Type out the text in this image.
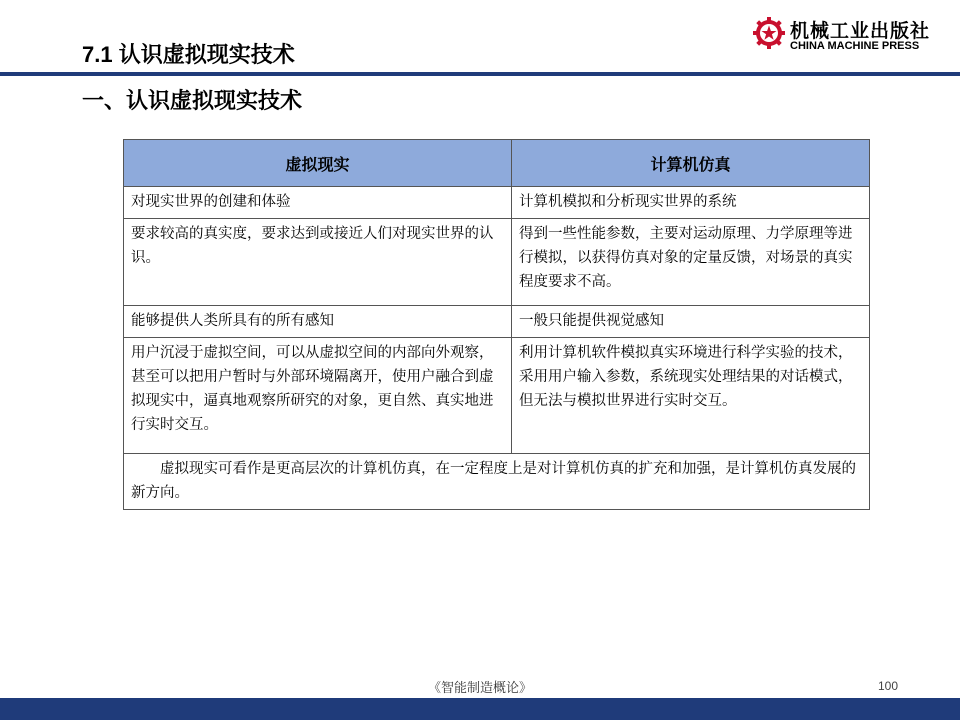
7.1 认识虚拟现实技术
一、认识虚拟现实技术
机械工业出版社
CHINA MACHINE PRESS
虚拟现实	计算机仿真
对现实世界的创建和体验	计算机模拟和分析现实世界的系统
要求较高的真实度，要求达到或接近人们对现实世界的认识。	得到一些性能参数，主要对运动原理、力学原理等进行模拟，以获得仿真对象的定量反馈，对场景的真实程度要求不高。
能够提供人类所具有的所有感知	一般只能提供视觉感知
用户沉浸于虚拟空间，可以从虚拟空间的内部向外观察，甚至可以把用户暂时与外部环境隔离开，使用户融合到虚拟现实中，逼真地观察所研究的对象，更自然、真实地进行实时交互。	利用计算机软件模拟真实环境进行科学实验的技术，采用用户输入参数，系统现实处理结果的对话模式，但无法与模拟世界进行实时交互。
虚拟现实可看作是更高层次的计算机仿真，在一定程度上是对计算机仿真的扩充和加强，是计算机仿真发展的新方向。	
《智能制造概论》	100
